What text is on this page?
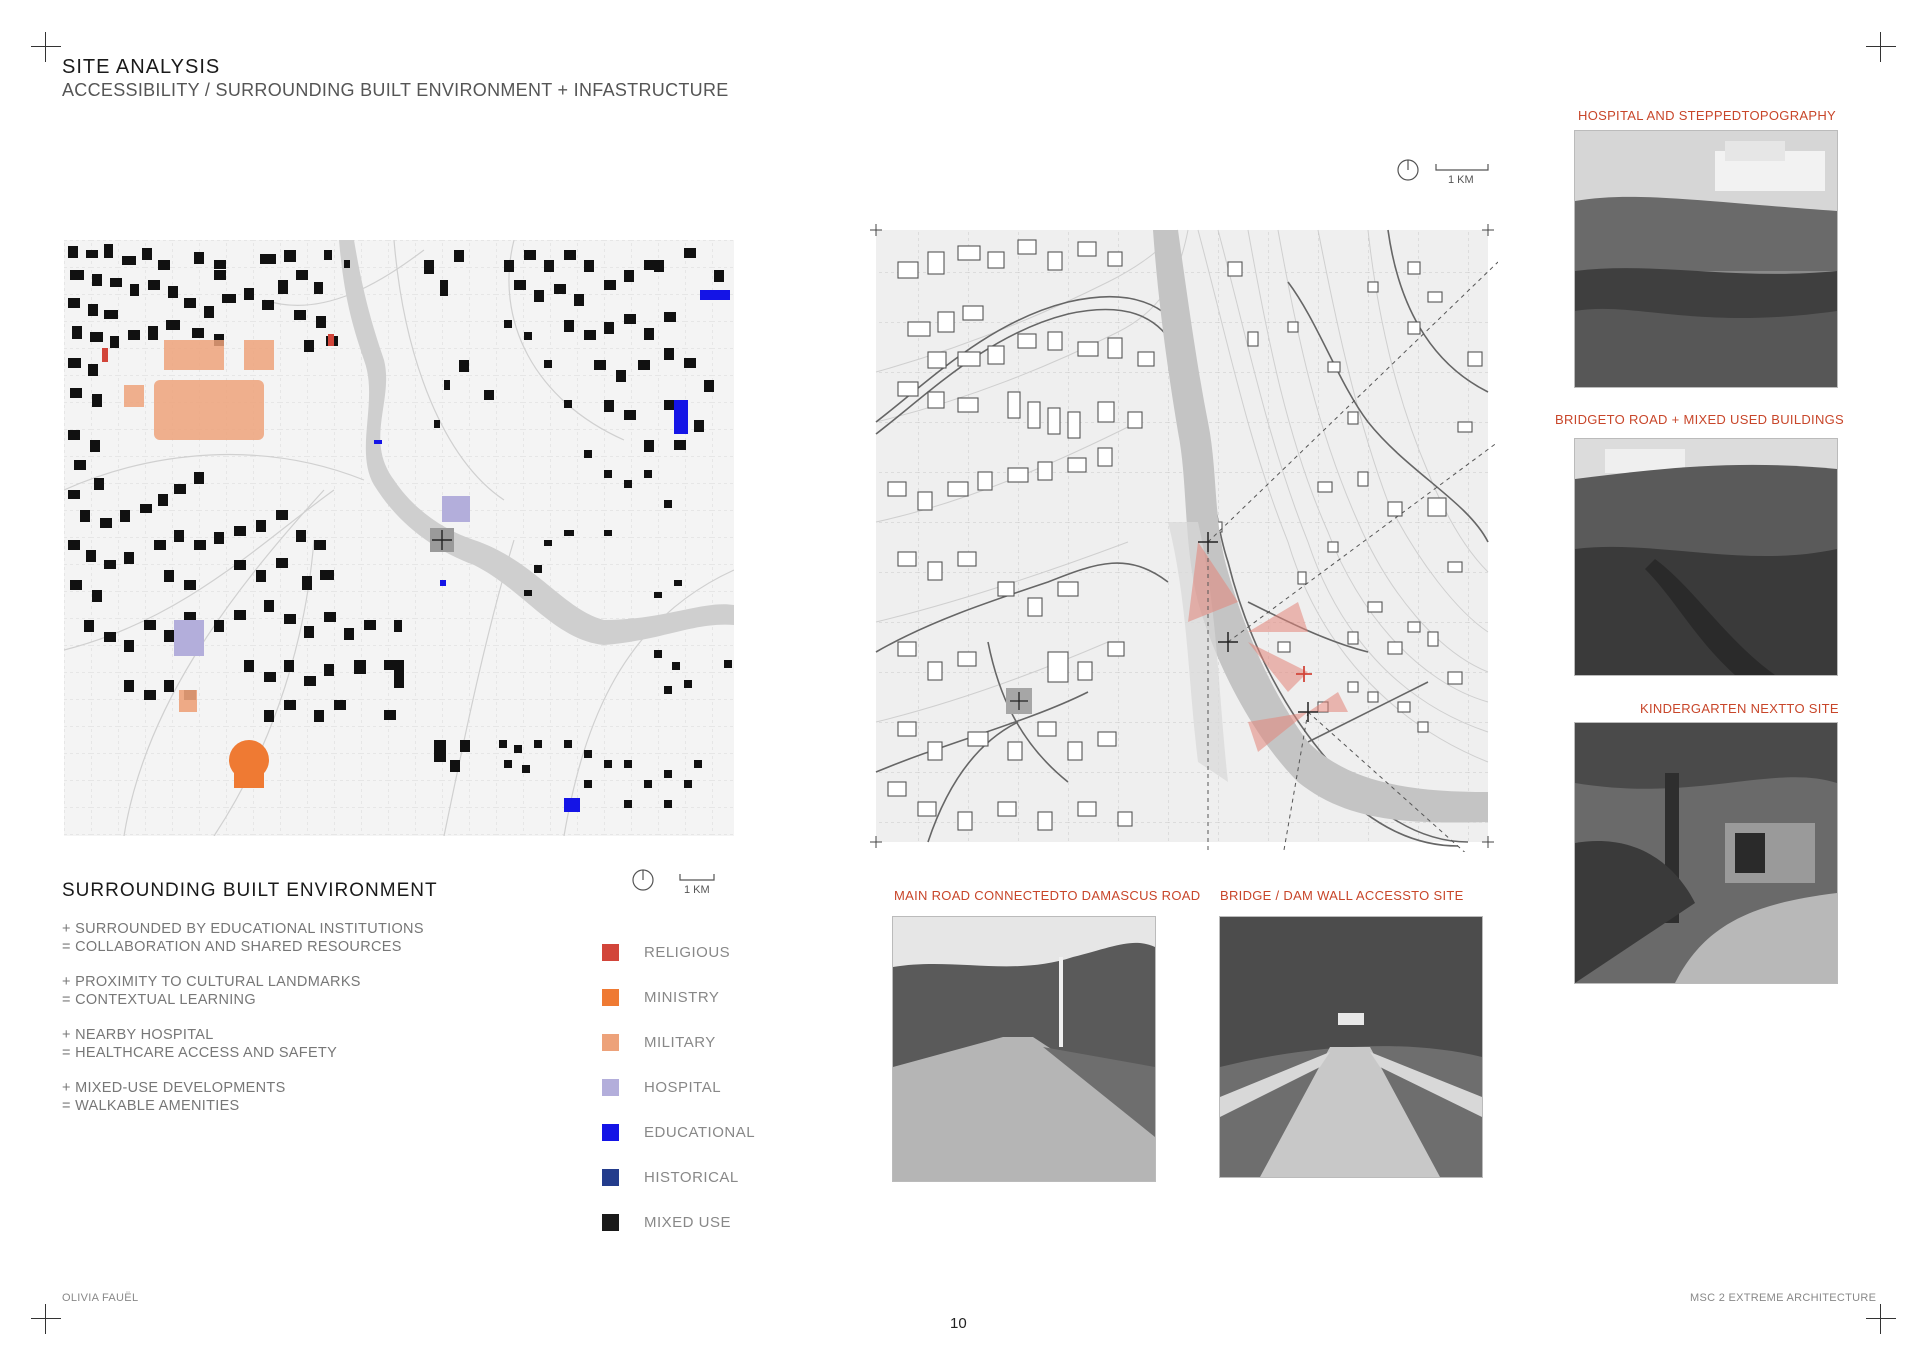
SITE ANALYSIS
ACCESSIBILITY / SURROUNDING BUILT ENVIRONMENT + INFASTRUCTURE
1 KM
SURROUNDING BUILT ENVIRONMENT
+ SURROUNDED BY EDUCATIONAL INSTITUTIONS
= COLLABORATION AND SHARED RESOURCES
+ PROXIMITY TO CULTURAL LANDMARKS
= CONTEXTUAL LEARNING
+ NEARBY HOSPITAL
= HEALTHCARE ACCESS AND SAFETY
+ MIXED-USE DEVELOPMENTS
= WALKABLE AMENITIES
RELIGIOUS
MINISTRY
MILITARY
HOSPITAL
EDUCATIONAL
HISTORICAL
MIXED USE
1 KM
HOSPITAL AND STEPPEDTOPOGRAPHY
BRIDGETO ROAD + MIXED USED BUILDINGS
KINDERGARTEN NEXTTO SITE
MAIN ROAD CONNECTEDTO DAMASCUS ROAD BRIDGE / DAM WALL ACCESSTO SITE
OLIVIA FAUËL	MSC 2 EXTREME ARCHITECTURE
10
